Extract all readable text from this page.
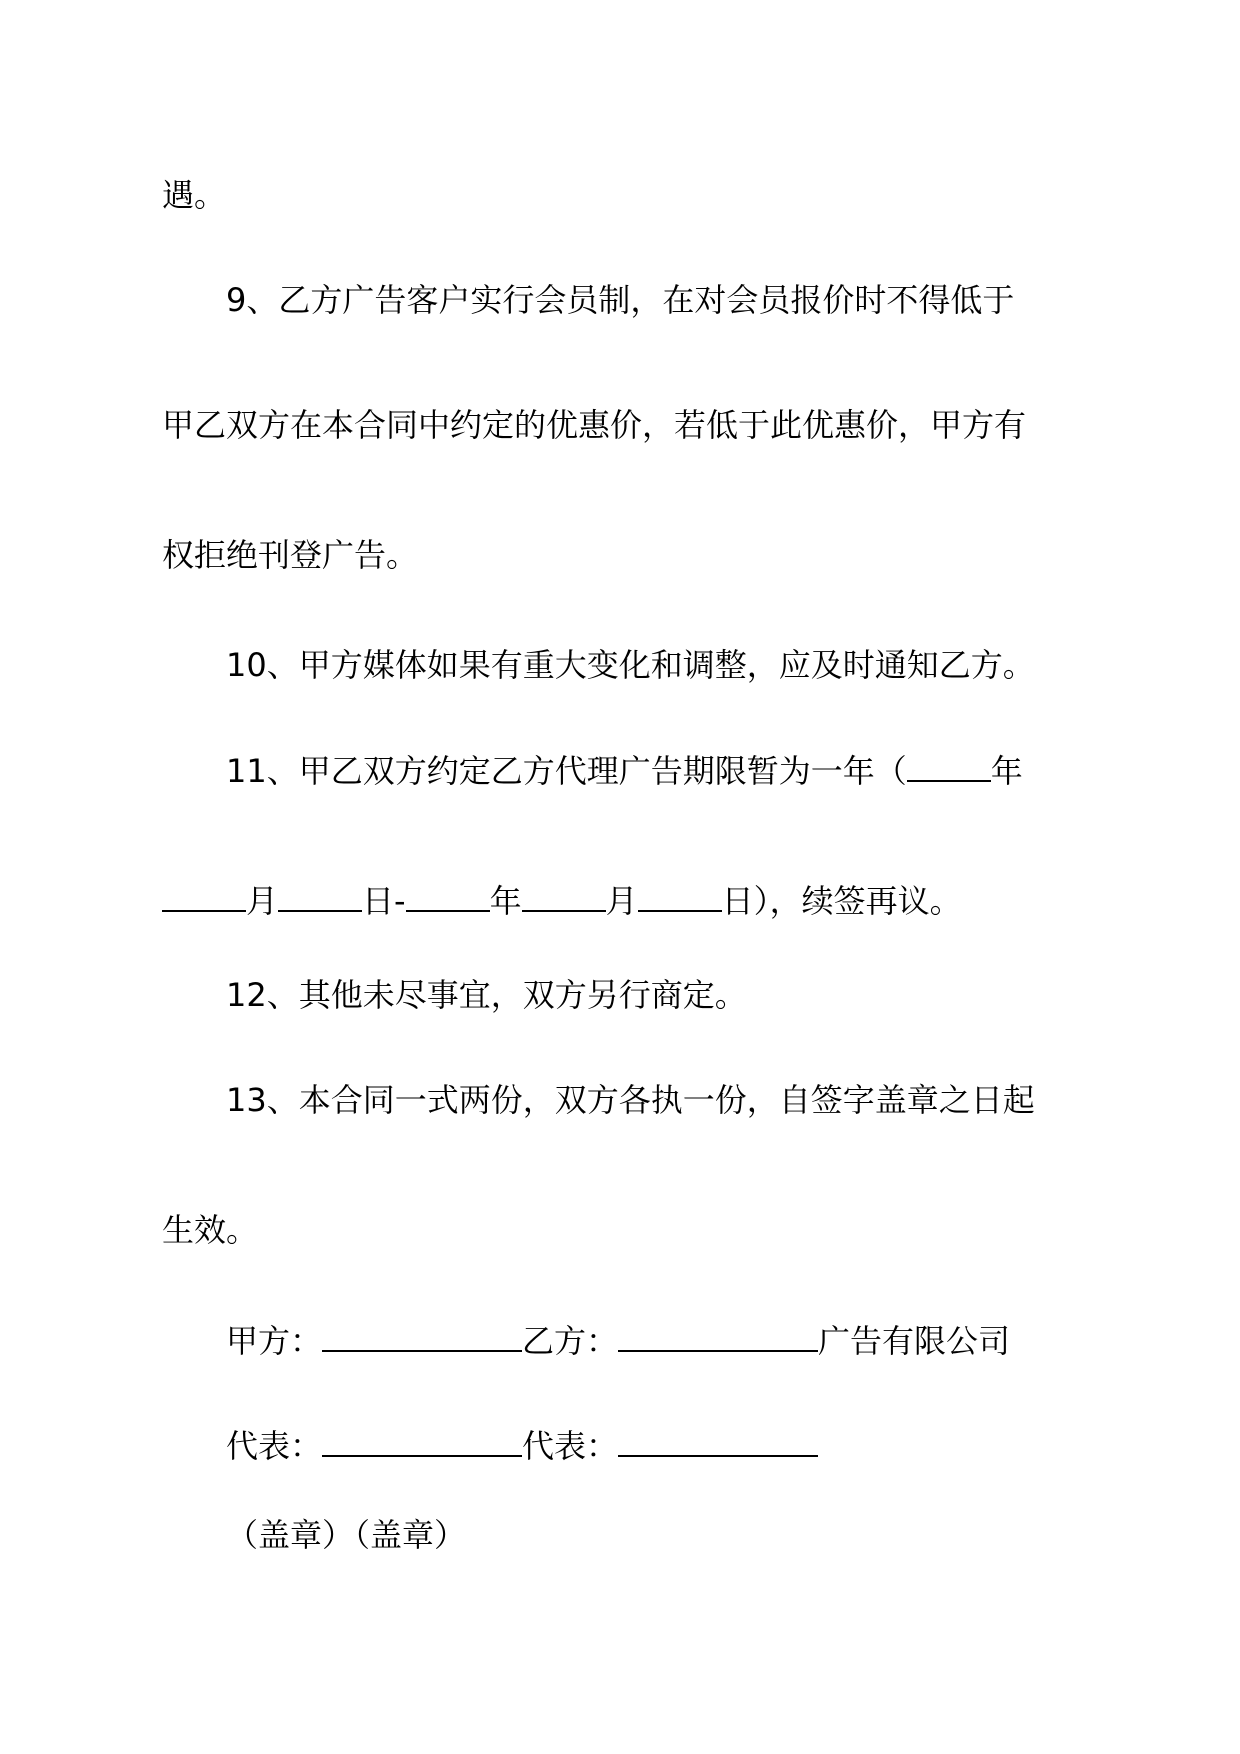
遇。
9、乙方广告客户实行会员制，在对会员报价时不得低于
甲乙双方在本合同中约定的优惠价，若低于此优惠价，甲方有
权拒绝刊登广告。
10、甲方媒体如果有重大变化和调整，应及时通知乙方。
11、甲乙双方约定乙方代理广告期限暂为一年（	年
月	日-	年	月	日），续签再议。
12、其他未尽事宜，双方另行商定。
13、本合同一式两份，双方各执一份，自签字盖章之日起
生效。
甲方：	乙方：	广告有限公司
代表：	代表：
（盖章）（盖章）
